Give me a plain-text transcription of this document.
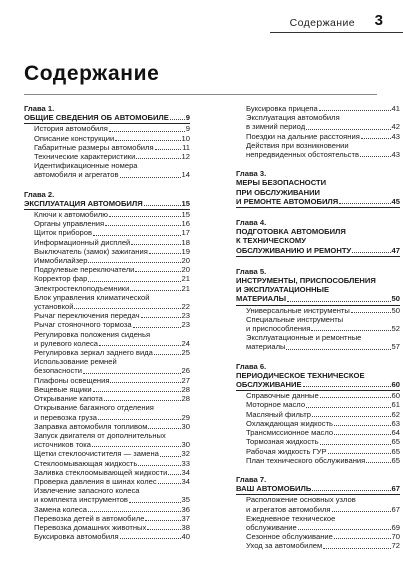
Содержание 3
Содержание
Глава 1.
ОБЩИЕ СВЕДЕНИЯ ОБ АВТОМОБИЛЕ 9
История автомобиля	9
Описание конструкции	10
Габаритные размеры автомобиля	11
Технические характеристики	12
Идентификационные номера
автомобиля и агрегатов	14
Глава 2.
ЭКСПЛУАТАЦИЯ АВТОМОБИЛЯ	15
Ключи к автомобилю	15
Органы управления	16
Щиток приборов	17
Информационный дисплей	18
Выключатель (замок) зажигания	19
Иммобилайзер	20
Подрулевые переключатели	20
Корректор фар	21
Электростеклоподъемники	21
Блок управления климатической
установкой	22
Рычаг переключения передач	23
Рычаг стояночного тормоза	23
Регулировка положения сиденья
и рулевого колеса	24
Регулировка зеркал заднего вида	25
Использование ремней
безопасности	26
Плафоны освещения	27
Вещевые ящики	28
Открывание капота	28
Открывание багажного отделения
и перевозка груза	29
Заправка автомобиля топливом	30
Запуск двигателя от дополнительных
источников тока	30
Щетки стеклоочистителя — замена	32
Стеклоомывающая жидкость	33
Заливка стеклоомывающей жидкости 34
Проверка давления в шинах колес	34
Извлечение запасного колеса
и комплекта инструментов	35
Замена колеса	36
Перевозка детей в автомобиле	37
Перевозка домашних животных	38
Буксировка автомобиля	40
Буксировка прицепа	41
Эксплуатация автомобиля
в зимний период	42
Поездки на дальние расстояния	43
Действия при возникновении
непредвиденных обстоятельств	43
Глава 3.
МЕРЫ БЕЗОПАСНОСТИ
ПРИ ОБСЛУЖИВАНИИ
И РЕМОНТЕ АВТОМОБИЛЯ	45
Глава 4.
ПОДГОТОВКА АВТОМОБИЛЯ
К ТЕХНИЧЕСКОМУ
ОБСЛУЖИВАНИЮ И РЕМОНТУ	47
Глава 5.
ИНСТРУМЕНТЫ, ПРИСПОСОБЛЕНИЯ
И ЭКСПЛУАТАЦИОННЫЕ
МАТЕРИАЛЫ	50
Универсальные инструменты	50
Специальные инструменты
и приспособления	52
Эксплуатационные и ремонтные
материалы	57
Глава 6.
ПЕРИОДИЧЕСКОЕ ТЕХНИЧЕСКОЕ
ОБСЛУЖИВАНИЕ	60
Справочные данные	60
Моторное масло	61
Масляный фильтр	62
Охлаждающая жидкость	63
Трансмиссионное масло	64
Тормозная жидкость	65
Рабочая жидкость ГУР	65
План технического обслуживания	65
Глава 7.
ВАШ АВТОМОБИЛЬ	67
Расположение основных узлов
и агрегатов автомобиля	67
Ежедневное техническое
обслуживание	69
Сезонное обслуживание	70
Уход за автомобилем	72
